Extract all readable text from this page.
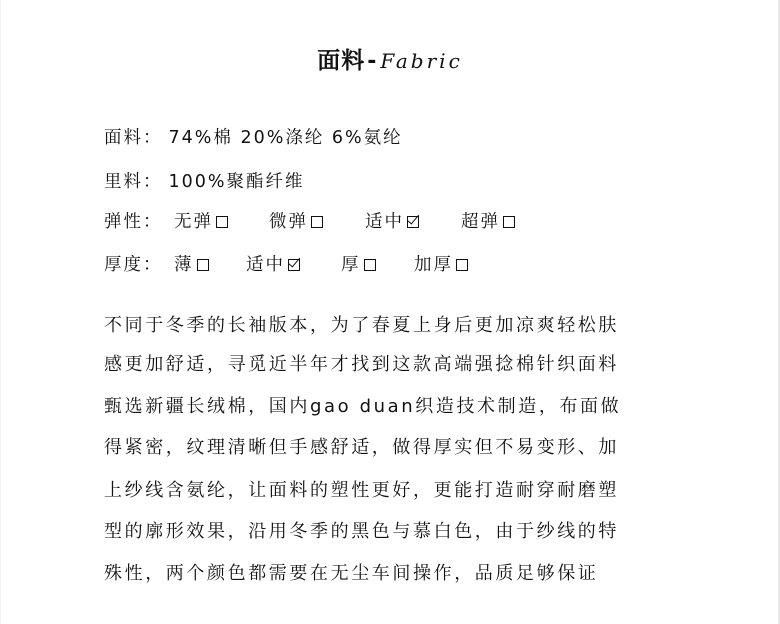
面料- Fabric
面料： 74%棉 20%涤纶 6%氨纶
里料： 100%聚酯纤维
弹性： 无弹	微弹	适中	超弹
厚度： 薄	适中	厚	加厚
不同于冬季的长袖版本，为了春夏上身后更加凉爽轻松肤
感更加舒适，寻觅近半年才找到这款高端强捻棉针织面料
甄选新疆长绒棉，国内gao duan织造技术制造，布面做
得紧密，纹理清晰但手感舒适，做得厚实但不易变形、加
上纱线含氨纶，让面料的塑性更好，更能打造耐穿耐磨塑
型的廓形效果，沿用冬季的黑色与慕白色，由于纱线的特
殊性，两个颜色都需要在无尘车间操作，品质足够保证
